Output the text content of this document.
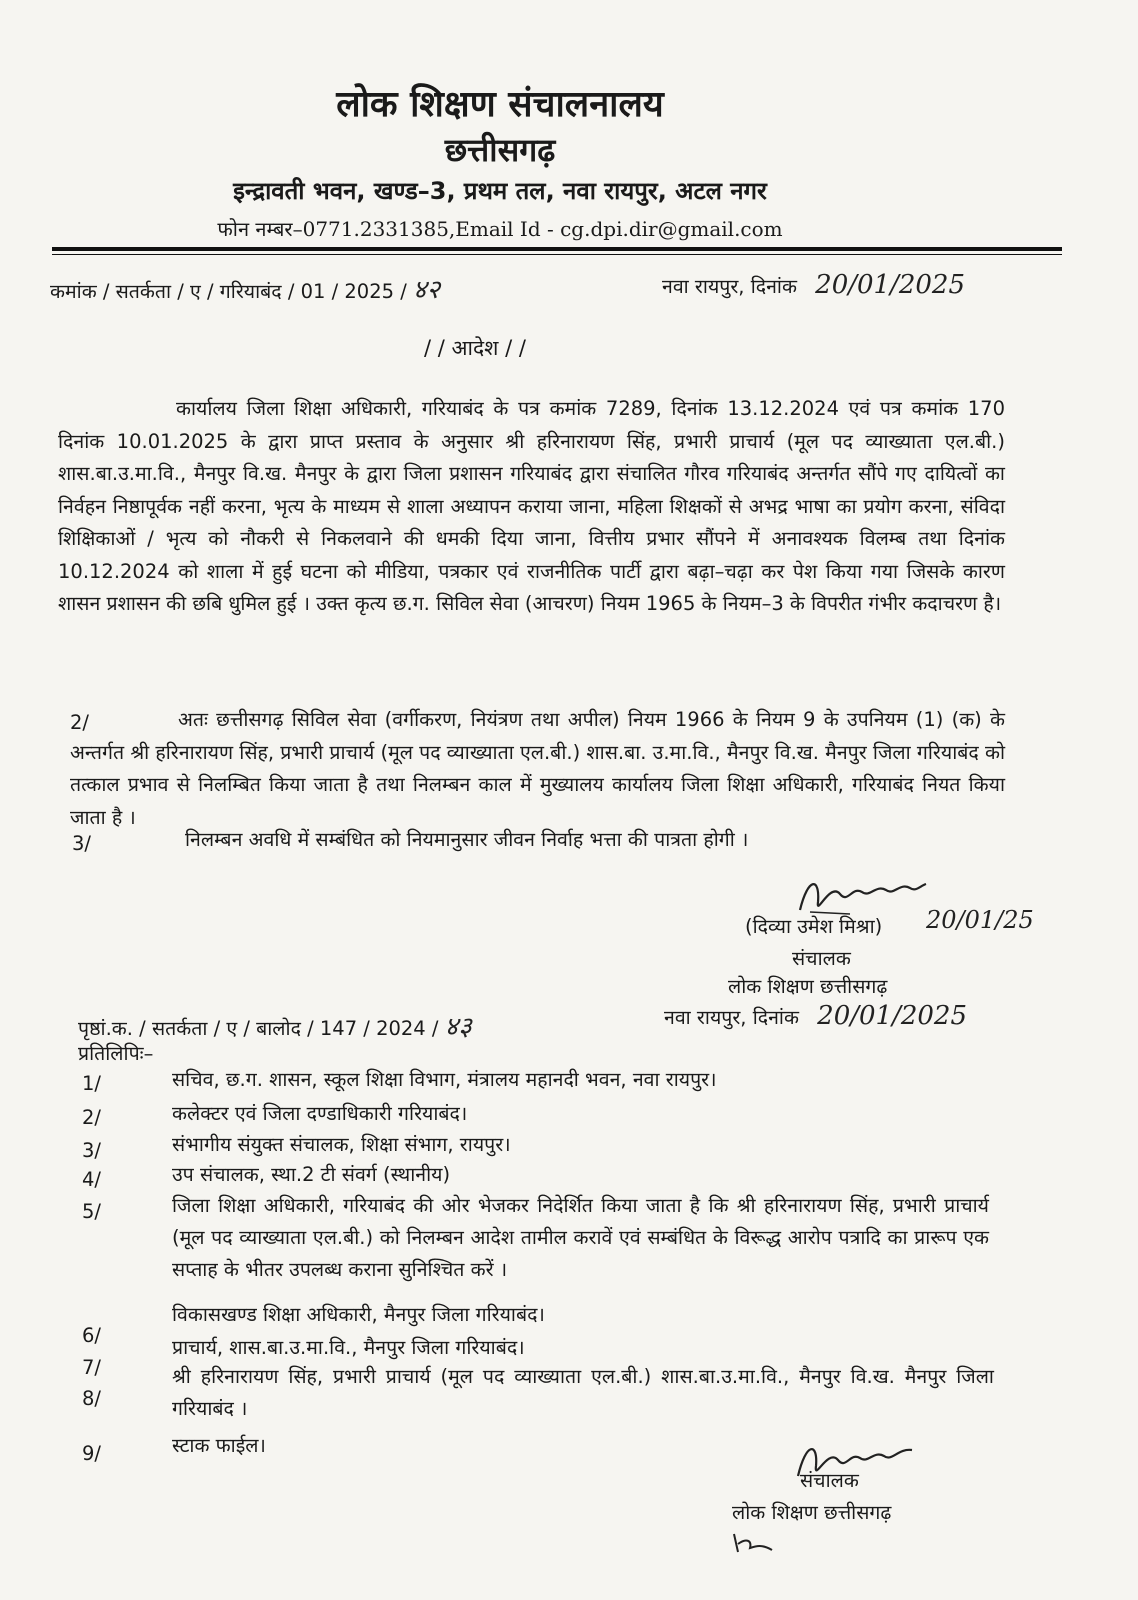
लोक शिक्षण संचालनालय
छत्तीसगढ़
इन्द्रावती भवन, खण्ड–3, प्रथम तल, नवा रायपुर, अटल नगर
फोन नम्बर–0771.2331385,Email Id - cg.dpi.dir@gmail.com
कमांक / सतर्कता / ए / गरियाबंद / 01 / 2025 / ४२	नवा रायपुर, दिनांक 20/01/2025
/ / आदेश / /

कार्यालय जिला शिक्षा अधिकारी, गरियाबंद के पत्र कमांक 7289, दिनांक 13.12.2024 एवं पत्र कमांक 170 दिनांक 10.01.2025 के द्वारा प्राप्त प्रस्ताव के अनुसार श्री हरिनारायण सिंह, प्रभारी प्राचार्य (मूल पद व्याख्याता एल.बी.) शास.बा.उ.मा.वि., मैनपुर वि.ख. मैनपुर के द्वारा जिला प्रशासन गरियाबंद द्वारा संचालित गौरव गरियाबंद अन्तर्गत सौंपे गए दायित्वों का निर्वहन निष्ठापूर्वक नहीं करना, भृत्य के माध्यम से शाला अध्यापन कराया जाना, महिला शिक्षकों से अभद्र भाषा का प्रयोग करना, संविदा शिक्षिकाओं / भृत्य को नौकरी से निकलवाने की धमकी दिया जाना, वित्तीय प्रभार सौंपने में अनावश्यक विलम्ब तथा दिनांक 10.12.2024 को शाला में हुई घटना को मीडिया, पत्रकार एवं राजनीतिक पार्टी द्वारा बढ़ा–चढ़ा कर पेश किया गया जिसके कारण शासन प्रशासन की छबि धुमिल हुई । उक्त कृत्य छ.ग. सिविल सेवा (आचरण) नियम 1965 के नियम–3 के विपरीत गंभीर कदाचरण है।

2/	अतः छत्तीसगढ़ सिविल सेवा (वर्गीकरण, नियंत्रण तथा अपील) नियम 1966 के नियम 9 के उपनियम (1) (क) के अन्तर्गत श्री हरिनारायण सिंह, प्रभारी प्राचार्य (मूल पद व्याख्याता एल.बी.) शास.बा. उ.मा.वि., मैनपुर वि.ख. मैनपुर जिला गरियाबंद को तत्काल प्रभाव से निलम्बित किया जाता है तथा निलम्बन काल में मुख्यालय कार्यालय जिला शिक्षा अधिकारी, गरियाबंद नियत किया जाता है ।

3/	निलम्बन अवधि में सम्बंधित को नियमानुसार जीवन निर्वाह भत्ता की पात्रता होगी ।
(दिव्या उमेश मिश्रा) 20/01/25
संचालक
लोक शिक्षण छत्तीसगढ़
पृष्ठां.क. / सतर्कता / ए / बालोद / 147 / 2024 / ४३	नवा रायपुर, दिनांक 20/01/2025
प्रतिलिपिः–
1/	सचिव, छ.ग. शासन, स्कूल शिक्षा विभाग, मंत्रालय महानदी भवन, नवा रायपुर।
2/	कलेक्टर एवं जिला दण्डाधिकारी गरियाबंद।
3/	संभागीय संयुक्त संचालक, शिक्षा संभाग, रायपुर।
4/	उप संचालक, स्था.2 टी संवर्ग (स्थानीय)
5/	जिला शिक्षा अधिकारी, गरियाबंद की ओर भेजकर निदेर्शित किया जाता है कि श्री हरिनारायण सिंह, प्रभारी प्राचार्य (मूल पद व्याख्याता एल.बी.) को निलम्बन आदेश तामील करावें एवं सम्बंधित के विरूद्ध आरोप पत्रादि का प्रारूप एक सप्ताह के भीतर उपलब्ध कराना सुनिश्चित करें ।
6/
विकासखण्ड शिक्षा अधिकारी, मैनपुर जिला गरियाबंद।
7/
प्राचार्य, शास.बा.उ.मा.वि., मैनपुर जिला गरियाबंद।
8/
श्री हरिनारायण सिंह, प्रभारी प्राचार्य (मूल पद व्याख्याता एल.बी.) शास.बा.उ.मा.वि., मैनपुर वि.ख. मैनपुर जिला गरियाबंद ।
9/	स्टाक फाईल।
संचालक
लोक शिक्षण छत्तीसगढ़
